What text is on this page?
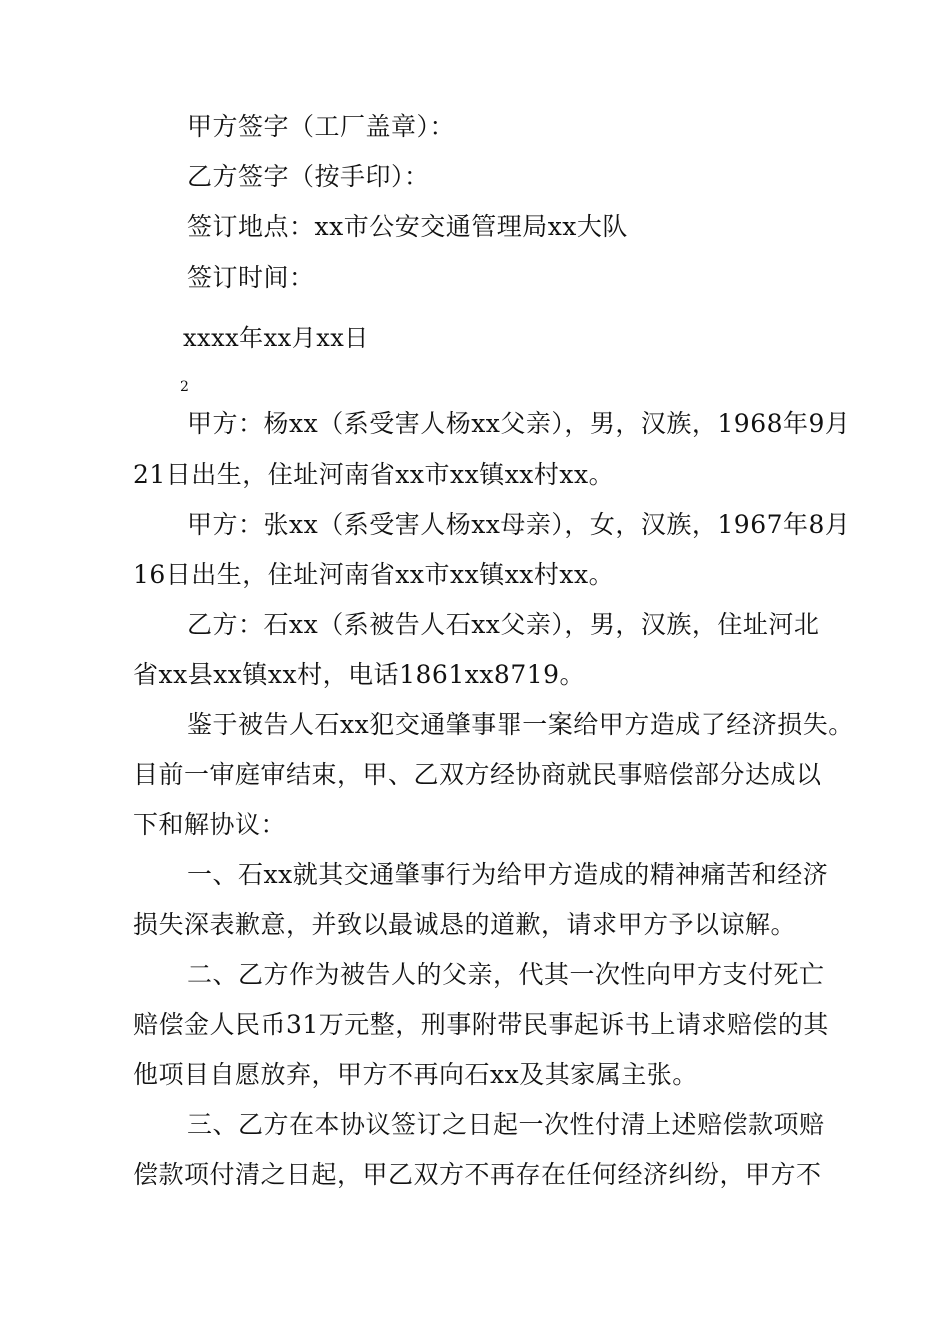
甲方签字（工厂盖章）：
乙方签字（按手印）：
签订地点：xx市公安交通管理局xx大队
签订时间：
xxxx年xx月xx日
2
甲方：杨xx（系受害人杨xx父亲），男，汉族，1968年9月
21日出生，住址河南省xx市xx镇xx村xx。
甲方：张xx（系受害人杨xx母亲），女，汉族，1967年8月
16日出生，住址河南省xx市xx镇xx村xx。
乙方：石xx（系被告人石xx父亲），男，汉族，住址河北
省xx县xx镇xx村，电话1861xx8719。
鉴于被告人石xx犯交通肇事罪一案给甲方造成了经济损失。
目前一审庭审结束，甲、乙双方经协商就民事赔偿部分达成以
下和解协议：
一、石xx就其交通肇事行为给甲方造成的精神痛苦和经济
损失深表歉意，并致以最诚恳的道歉，请求甲方予以谅解。
二、乙方作为被告人的父亲，代其一次性向甲方支付死亡
赔偿金人民币31万元整，刑事附带民事起诉书上请求赔偿的其
他项目自愿放弃，甲方不再向石xx及其家属主张。
三、乙方在本协议签订之日起一次性付清上述赔偿款项赔
偿款项付清之日起，甲乙双方不再存在任何经济纠纷，甲方不
